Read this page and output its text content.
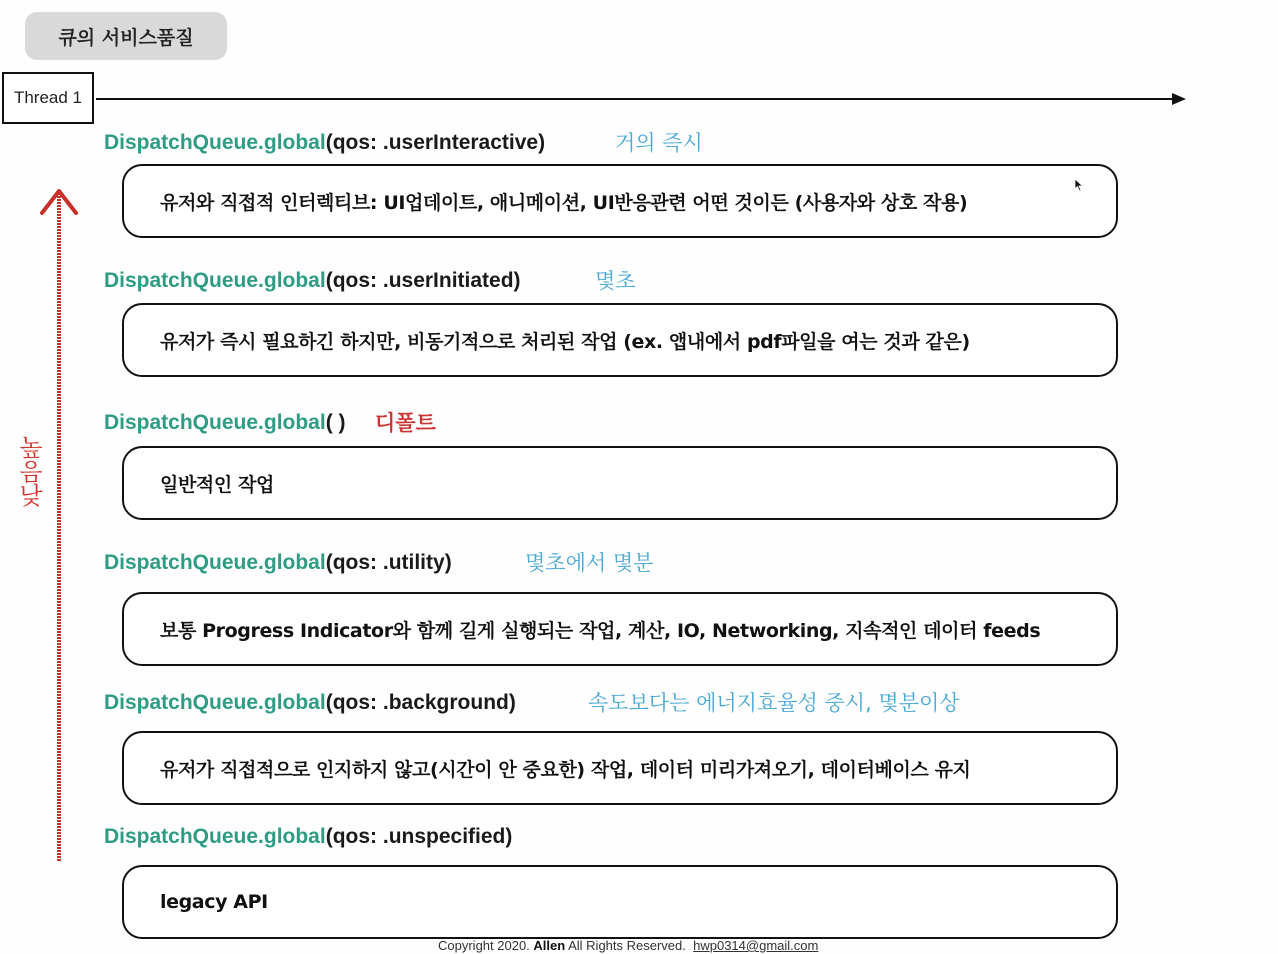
큐의 서비스품질
Thread 1
높
음
낮
DispatchQueue.global(qos: .userInteractive)	거의 즉시
유저와 직접적 인터렉티브: UI업데이트, 애니메이션, UI반응관련 어떤 것이든 (사용자와 상호 작용)
DispatchQueue.global(qos: .userInitiated)	몇초
유저가 즉시 필요하긴 하지만, 비동기적으로 처리된 작업 (ex. 앱내에서 pdf파일을 여는 것과 같은)
DispatchQueue.global( ) 디폴트
일반적인 작업
DispatchQueue.global(qos: .utility)	몇초에서 몇분
보통 Progress Indicator와 함께 길게 실행되는 작업, 계산, IO, Networking, 지속적인 데이터 feeds
DispatchQueue.global(qos: .background)	속도보다는 에너지효율성 중시, 몇분이상
유저가 직접적으로 인지하지 않고(시간이 안 중요한) 작업, 데이터 미리가져오기, 데이터베이스 유지
DispatchQueue.global(qos: .unspecified)
legacy API
Copyright 2020. Allen All Rights Reserved. hwp0314@gmail.com
